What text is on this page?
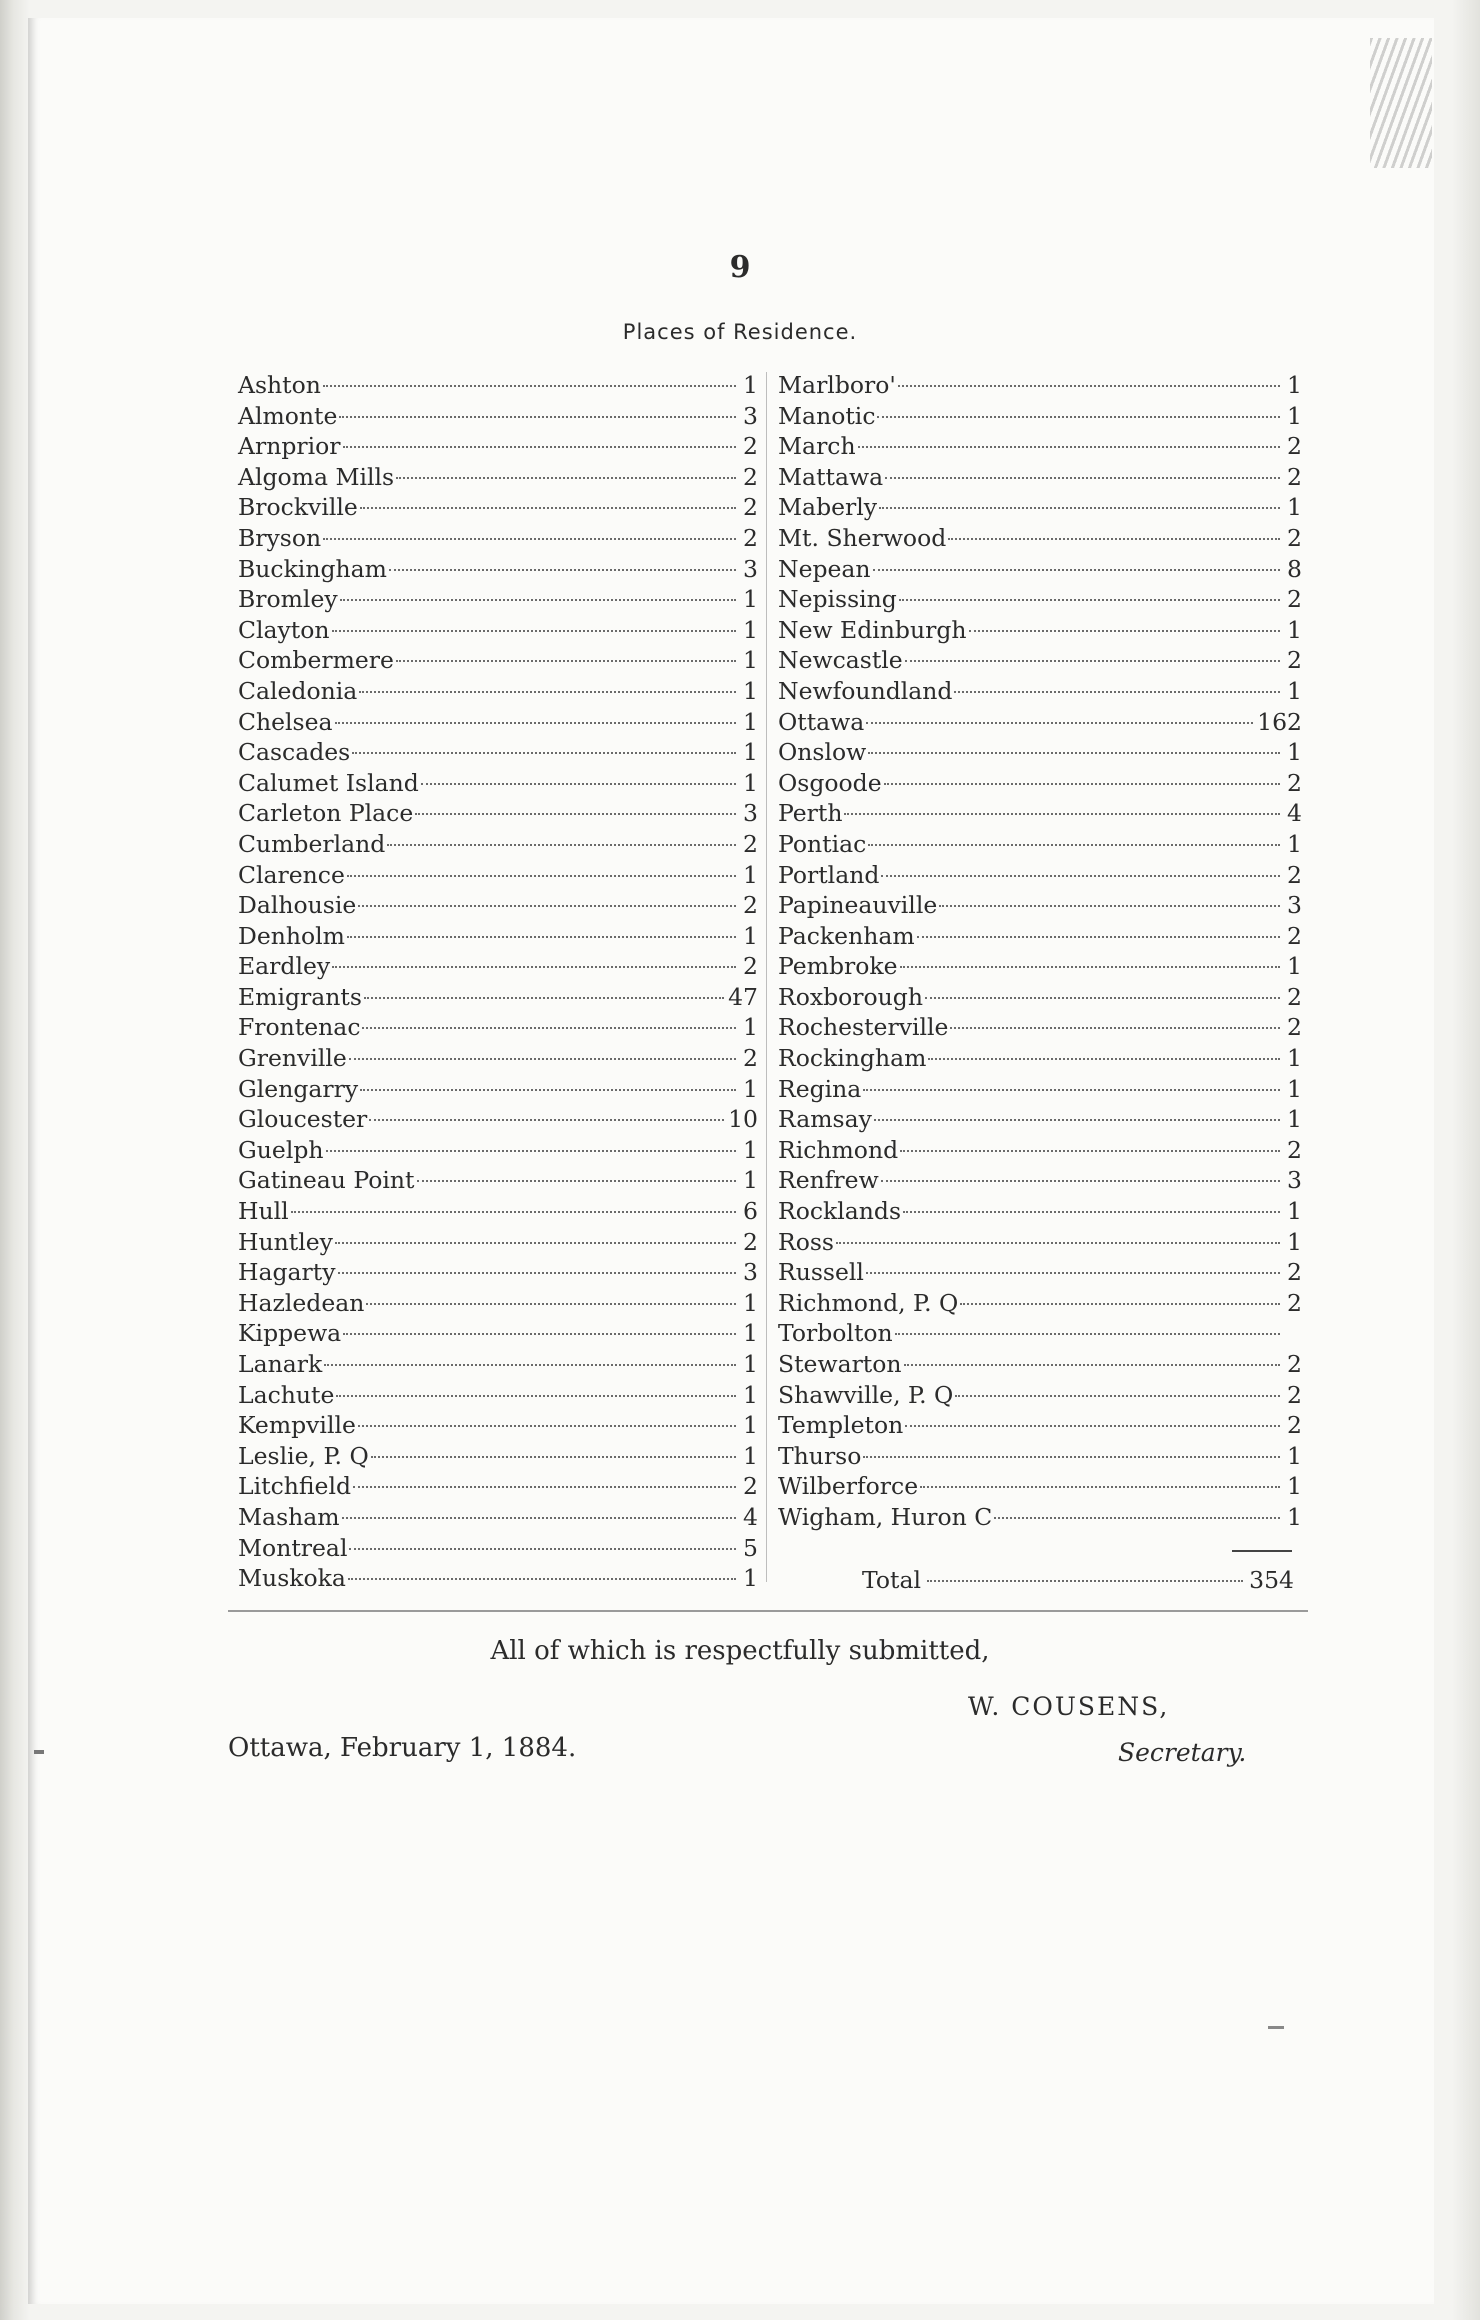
9
Places of Residence.
Ashton	1
Almonte	3
Arnprior	2
Algoma Mills	2
Brockville	2
Bryson	2
Buckingham	3
Bromley	1
Clayton	1
Combermere	1
Caledonia	1
Chelsea	1
Cascades	1
Calumet Island	1
Carleton Place	3
Cumberland	2
Clarence	1
Dalhousie	2
Denholm	1
Eardley	2
Emigrants	47
Frontenac	1
Grenville	2
Glengarry	1
Gloucester	10
Guelph	1
Gatineau Point	1
Hull	6
Huntley	2
Hagarty	3
Hazledean	1
Kippewa	1
Lanark	1
Lachute	1
Kempville	1
Leslie, P. Q	1
Litchfield	2
Masham	4
Montreal	5
Muskoka	1
Marlboro'	1
Manotic	1
March	2
Mattawa	2
Maberly	1
Mt. Sherwood	2
Nepean	8
Nepissing	2
New Edinburgh	1
Newcastle	2
Newfoundland	1
Ottawa	162
Onslow	1
Osgoode	2
Perth	4
Pontiac	1
Portland	2
Papineauville	3
Packenham	2
Pembroke	1
Roxborough	2
Rochesterville	2
Rockingham	1
Regina	1
Ramsay	1
Richmond	2
Renfrew	3
Rocklands	1
Ross	1
Russell	2
Richmond, P. Q	2
Torbolton
Stewarton	2
Shawville, P. Q	2
Templeton	2
Thurso	1
Wilberforce	1
Wigham, Huron C	1
Total	354
All of which is respectfully submitted,
W. COUSENS,
Ottawa, February 1, 1884.	Secretary.
